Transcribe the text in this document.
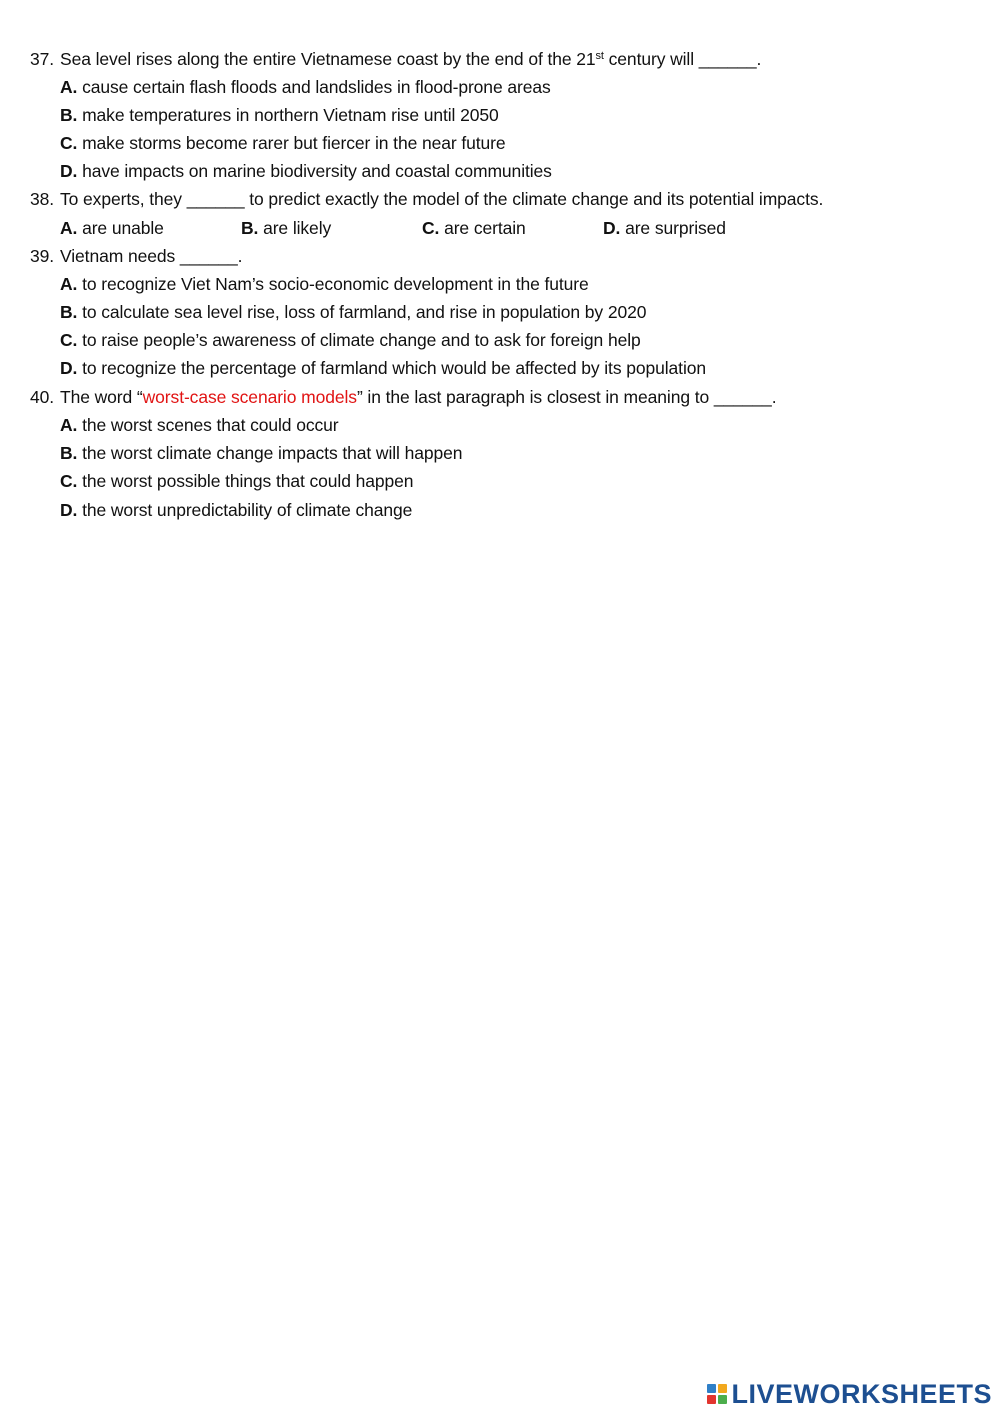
37. Sea level rises along the entire Vietnamese coast by the end of the 21st century will ______.
A. cause certain flash floods and landslides in flood-prone areas
B. make temperatures in northern Vietnam rise until 2050
C. make storms become rarer but fiercer in the near future
D. have impacts on marine biodiversity and coastal communities
38. To experts, they ______ to predict exactly the model of the climate change and its potential impacts.
A. are unable	B. are likely	C. are certain	D. are surprised
39. Vietnam needs ______.
A. to recognize Viet Nam’s socio-economic development in the future
B. to calculate sea level rise, loss of farmland, and rise in population by 2020
C. to raise people’s awareness of climate change and to ask for foreign help
D. to recognize the percentage of farmland which would be affected by its population
40. The word “worst-case scenario models” in the last paragraph is closest in meaning to ______.
A. the worst scenes that could occur
B. the worst climate change impacts that will happen
C. the worst possible things that could happen
D. the worst unpredictability of climate change
LIVEWORKSHEETS
